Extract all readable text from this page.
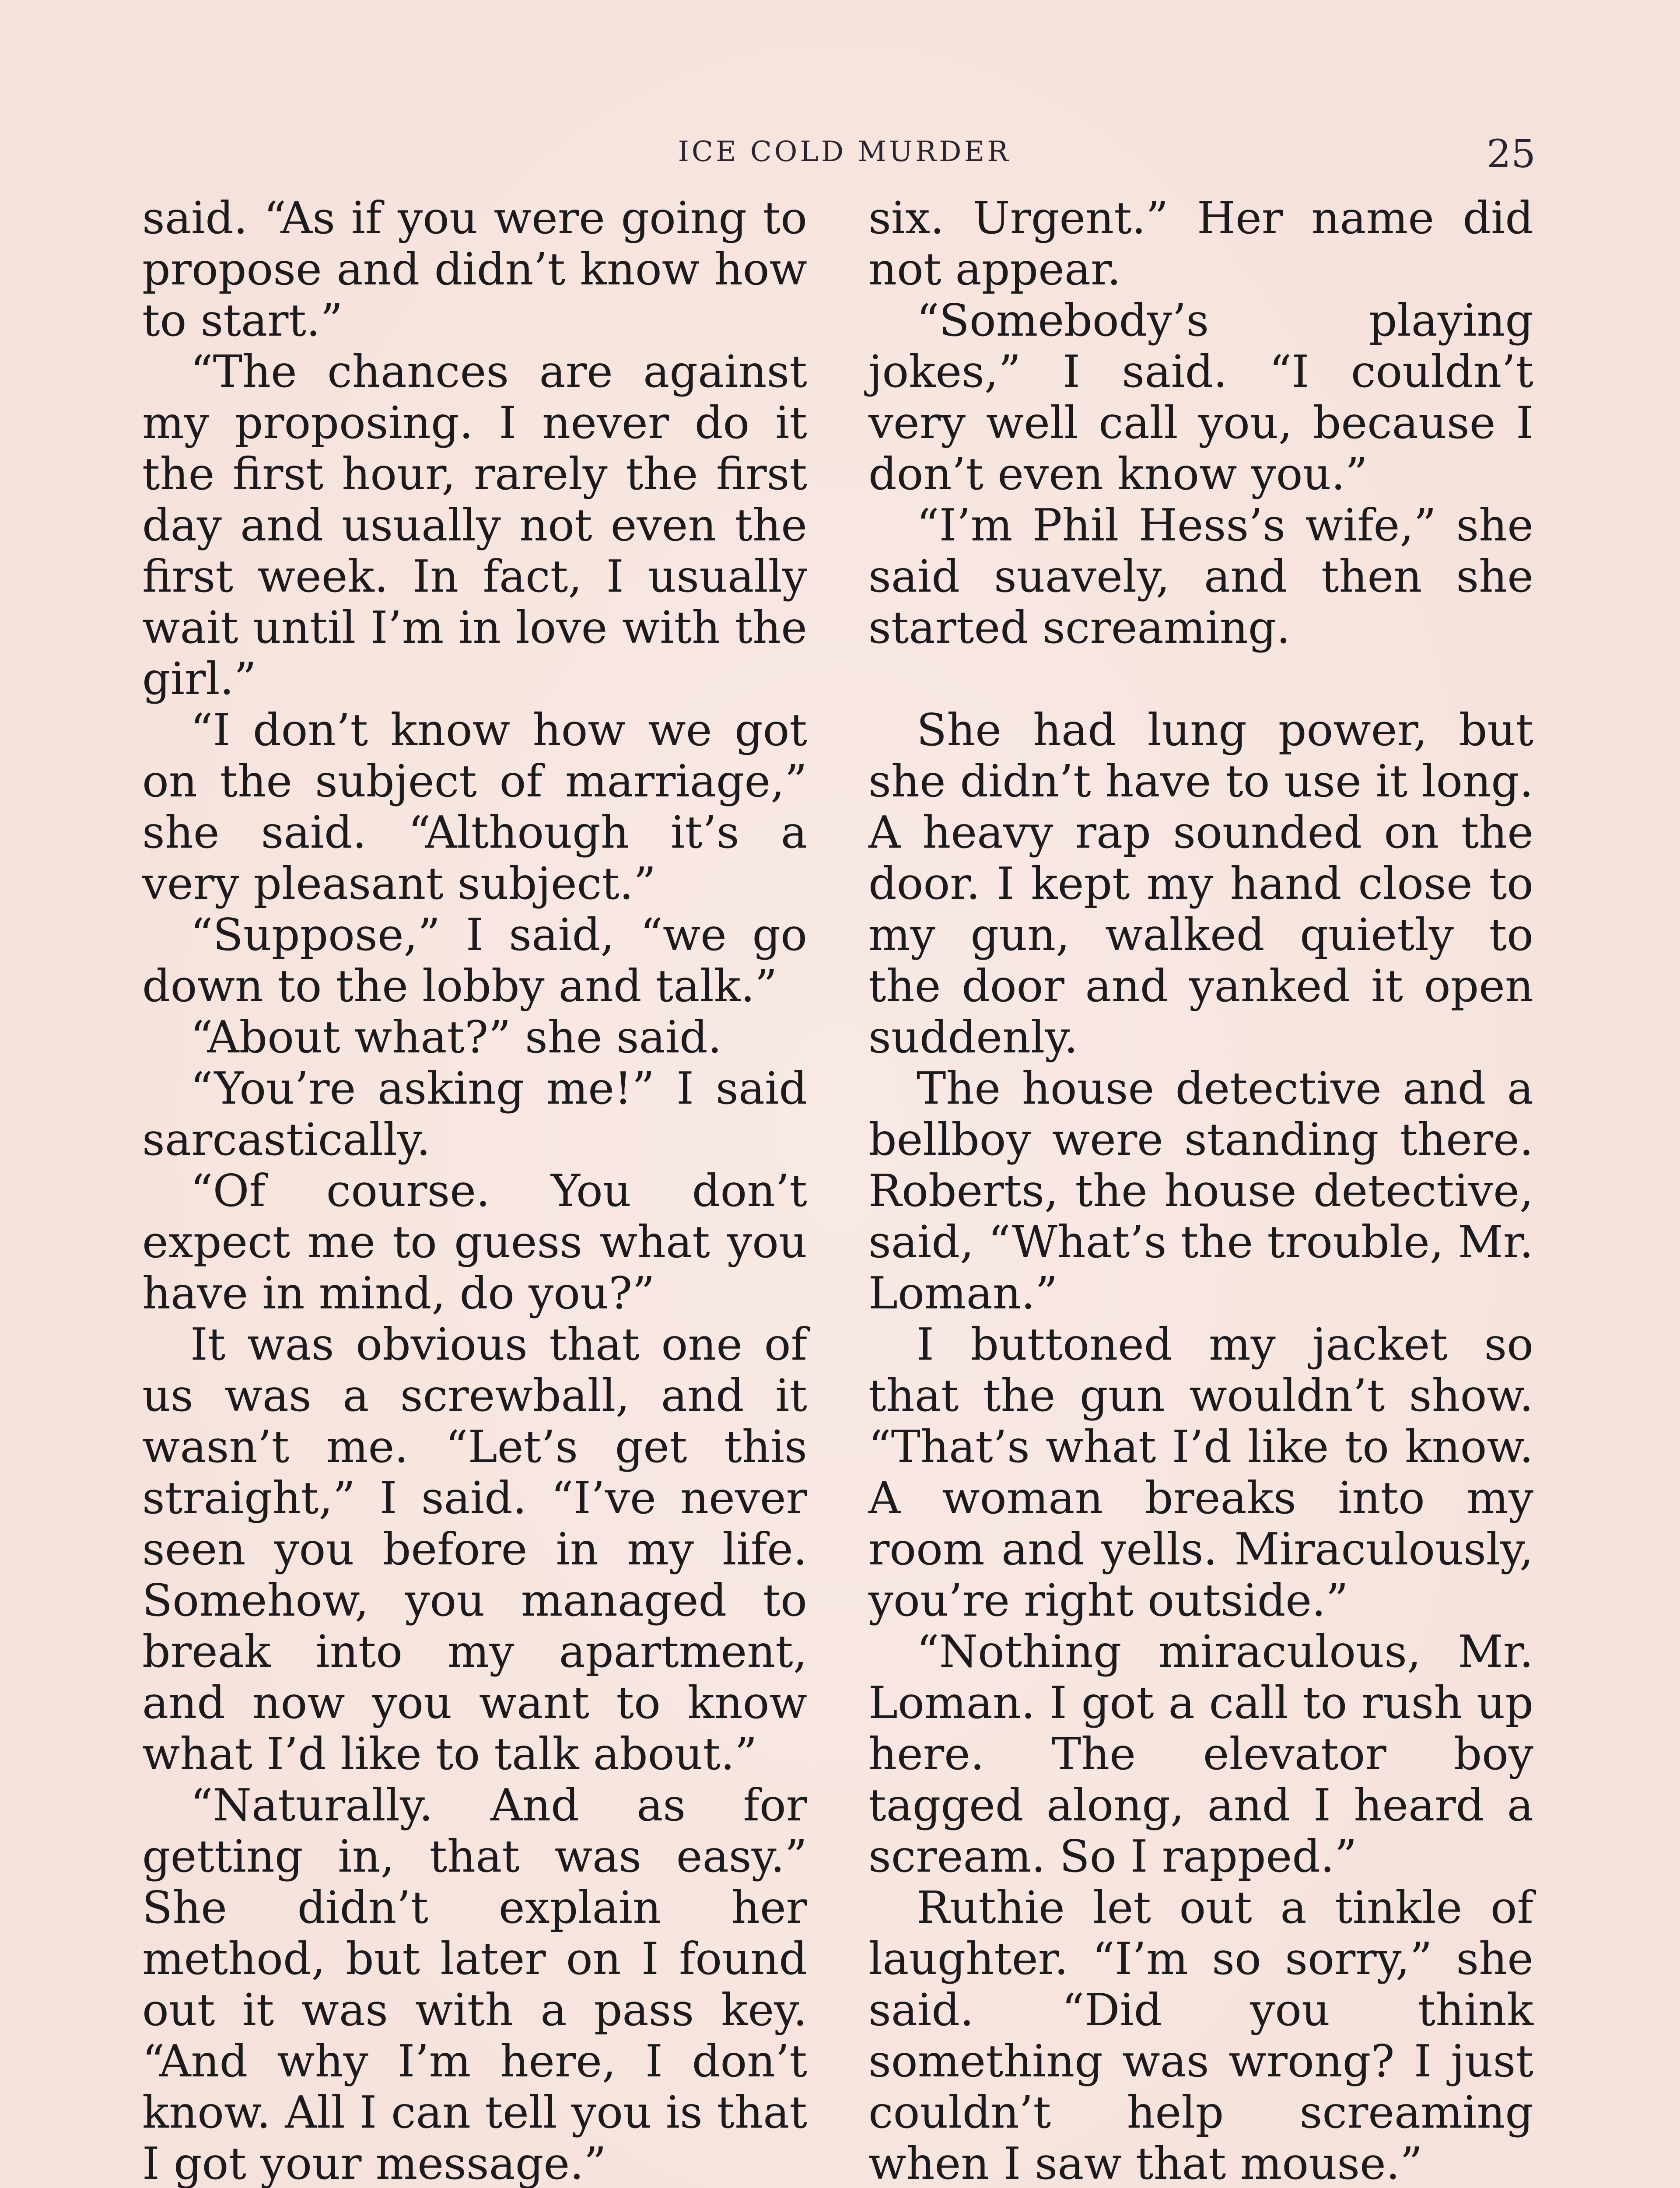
ICE COLD MURDER	25

said. “As if you were going to propose and didn’t know how to start.”

“The chances are against my proposing. I never do it the first hour, rarely the first day and usually not even the first week. In fact, I usually wait until I’m in love with the girl.”

“I don’t know how we got on the subject of marriage,” she said. “Although it’s a very pleasant subject.”

“Suppose,” I said, “we go down to the lobby and talk.”

“About what?” she said.

“You’re asking me!” I said sarcastically.

“Of course. You don’t expect me to guess what you have in mind, do you?”

It was obvious that one of us was a screwball, and it wasn’t me. “Let’s get this straight,” I said. “I’ve never seen you before in my life. Somehow, you managed to break into my apartment, and now you want to know what I’d like to talk about.”

“Naturally. And as for getting in, that was easy.” She didn’t explain her method, but later on I found out it was with a pass key. “And why I’m here, I don’t know. All I can tell you is that I got your message.”

six. Urgent.” Her name did not appear.

“Somebody’s playing jokes,” I said. “I couldn’t very well call you, because I don’t even know you.”

“I’m Phil Hess’s wife,” she said suavely, and then she started screaming.

She had lung power, but she didn’t have to use it long. A heavy rap sounded on the door. I kept my hand close to my gun, walked quietly to the door and yanked it open suddenly.

The house detective and a bellboy were standing there. Roberts, the house detective, said, “What’s the trouble, Mr. Loman.”

I buttoned my jacket so that the gun wouldn’t show. “That’s what I’d like to know. A woman breaks into my room and yells. Miraculously, you’re right outside.”

“Nothing miraculous, Mr. Loman. I got a call to rush up here. The elevator boy tagged along, and I heard a scream. So I rapped.”

Ruthie let out a tinkle of laughter. “I’m so sorry,” she said. “Did you think something was wrong? I just couldn’t help screaming when I saw that mouse.”
